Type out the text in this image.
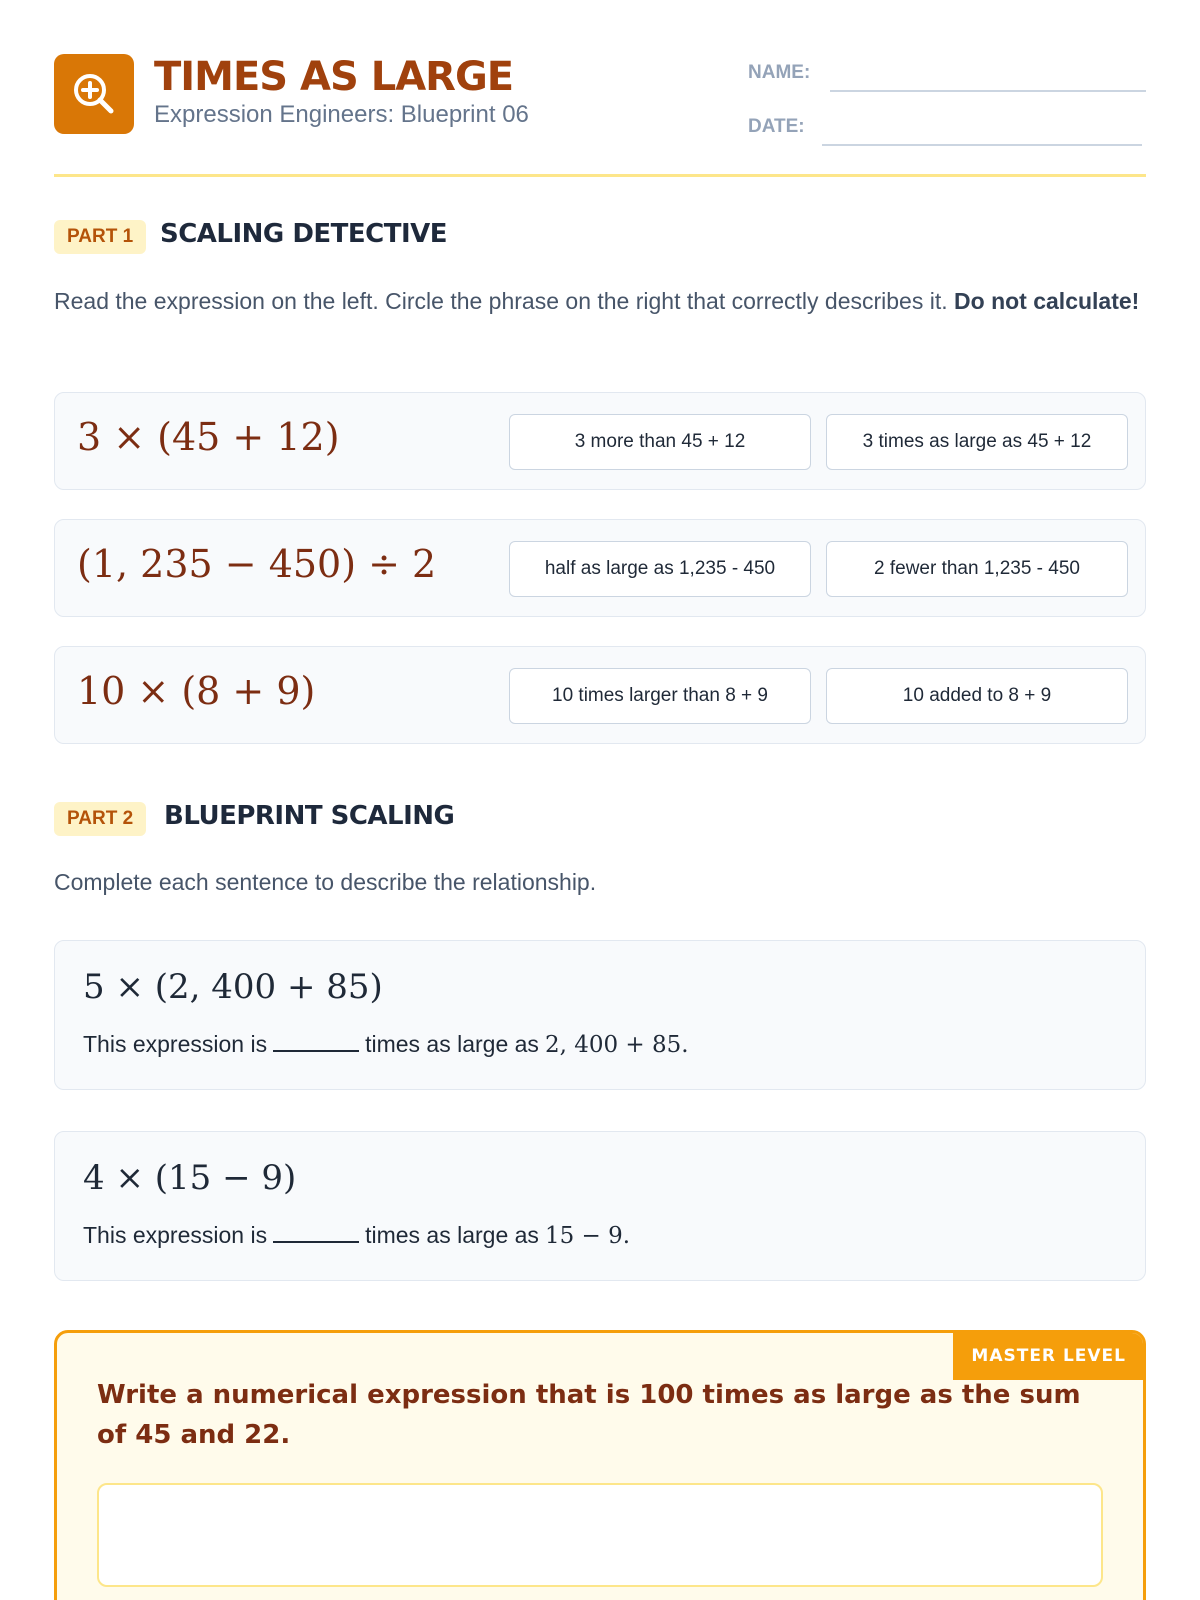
TIMES AS LARGE
Expression Engineers: Blueprint 06
NAME:
DATE:
PART 1	SCALING DETECTIVE
Read the expression on the left. Circle the phrase on the right that correctly describes it. Do not calculate!
3 × (45 + 12)	3 more than 45 + 12	3 times as large as 45 + 12
(1, 235 − 450) ÷ 2	half as large as 1,235 - 450	2 fewer than 1,235 - 450
10 × (8 + 9)	10 times larger than 8 + 9	10 added to 8 + 9
PART 2	BLUEPRINT SCALING
Complete each sentence to describe the relationship.
5 × (2, 400 + 85)
This expression is	times as large as 2, 400 + 85.
4 × (15 − 9)
This expression is	times as large as 15 − 9.
MASTER LEVEL
Write a numerical expression that is 100 times as large as the sum of 45 and 22.
